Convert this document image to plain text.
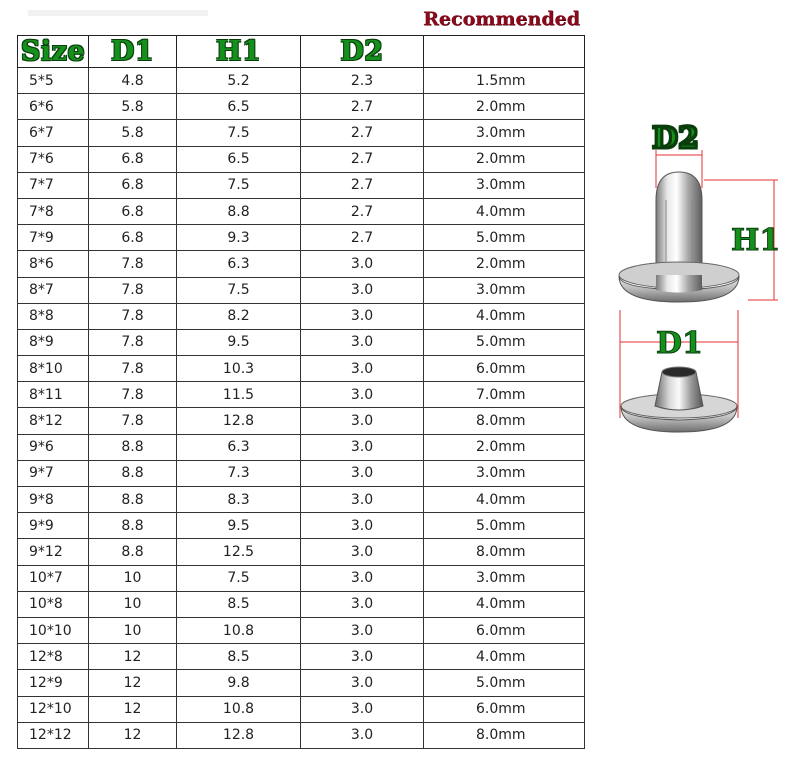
Recommended
Size	D1	H1	D2	
5*5	4.8	5.2	2.3	1.5mm
6*6	5.8	6.5	2.7	2.0mm
6*7	5.8	7.5	2.7	3.0mm
7*6	6.8	6.5	2.7	2.0mm
7*7	6.8	7.5	2.7	3.0mm
7*8	6.8	8.8	2.7	4.0mm
7*9	6.8	9.3	2.7	5.0mm
8*6	7.8	6.3	3.0	2.0mm
8*7	7.8	7.5	3.0	3.0mm
8*8	7.8	8.2	3.0	4.0mm
8*9	7.8	9.5	3.0	5.0mm
8*10	7.8	10.3	3.0	6.0mm
8*11	7.8	11.5	3.0	7.0mm
8*12	7.8	12.8	3.0	8.0mm
9*6	8.8	6.3	3.0	2.0mm
9*7	8.8	7.3	3.0	3.0mm
9*8	8.8	8.3	3.0	4.0mm
9*9	8.8	9.5	3.0	5.0mm
9*12	8.8	12.5	3.0	8.0mm
10*7	10	7.5	3.0	3.0mm
10*8	10	8.5	3.0	4.0mm
10*10	10	10.8	3.0	6.0mm
12*8	12	8.5	3.0	4.0mm
12*9	12	9.8	3.0	5.0mm
12*10	12	10.8	3.0	6.0mm
12*12	12	12.8	3.0	8.0mm
D2
H1
D1
